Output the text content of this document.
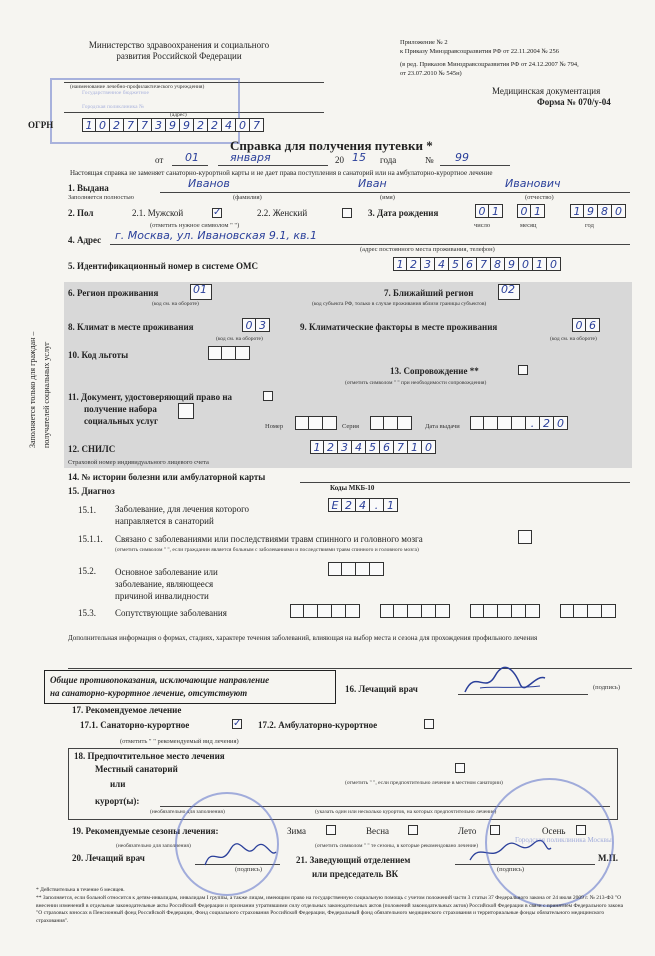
Министерство здравоохранения и социального
развития Российской Федерации
(наименование лечебно-профилактического учреждения)
(адрес)
Государственное бюджетное
Городская поликлиника №
ОГРН	1 0 2 7 7 3 9 9 2 2 4 0 7
Приложение № 2
к Приказу Минздравсоцразвития РФ от 22.11.2004 № 256
(в ред. Приказов Минздравсоцразвития РФ от 24.12.2007 № 794,
от 23.07.2010 № 545н)
Медицинская документация
Форма № 070/у-04
Справка для получения путевки *
от 01	января	20 15 года	№ 99
Настоящая справка не заменяет санаторно-курортной карты и не дает права поступления в санаторий или на амбулаторно-курортное лечение
1. Выдана
Заполняется полностью
Иванов	Иван	Иванович
(фамилия)	(имя)	(отчество)
2. Пол	2.1. Мужской	✓	2.2. Женский
(отметить нужное символом " ")
3. Дата рождения	0 1	0 1	1 9 8 0
число	месяц	год
4. Адрес г. Москва, ул. Ивановская 9.1, кв.1
(адрес постоянного места проживания, телефон)
5. Идентификационный номер в системе ОМС	1 2 3 4 5 6 7 8 9 0 1 0
6. Регион проживания	01
(код см. на обороте)
7. Ближайший регион	02
(код субъекта РФ, только в случае проживания вблизи границы субъектов)
8. Климат в месте проживания	0 3
(код см. на обороте)
9. Климатические факторы в месте проживания	0 6
(код см. на обороте)
10. Код льготы
13. Сопровождение **
(отметить символом " " при необходимости сопровождения)
11. Документ, удостоверяющий право на
получение набора
социальных услуг
Номер	Серия	Дата выдачи	. 2 0
12. СНИЛС	1 2 3 4 5 6 7 1 0
Страховой номер индивидуального лицевого счета
14. № истории болезни или амбулаторной карты
15. Диагноз	Коды МКБ-10
15.1. Заболевание, для лечения которого
направляется в санаторий
Е 2 4 . 1
15.1.1. Связано с заболеваниями или последствиями травм спинного и головного мозга
(отметить символом " ", если гражданин является больным с заболеваниями и последствиями травм спинного и головного мозга)
15.2. Основное заболевание или
заболевание, являющееся
причиной инвалидности
15.3. Сопутствующие заболевания
Дополнительная информация о формах, стадиях, характере течения заболеваний, влияющая на выбор места и сезона для прохождения профильного лечения
Общие противопоказания, исключающие направление
на санаторно-курортное лечение, отсутствуют	16. Лечащий врач	(подпись)
17. Рекомендуемое лечение
17.1. Санаторно-курортное	✓ 17.2. Амбулаторно-курортное
(отметить " " рекомендуемый вид лечения)
18. Предпочтительное место лечения
Местный санаторий
или	(отметить " ", если предпочтительно лечение в местном санатории)
курорт(ы):
(необязательно для заполнения)	(указать один или несколько курортов, на которых предпочтительно лечение)
19. Рекомендуемые сезоны лечения:	Зима	Весна	Лето	Осень
(необязательно для заполнения)	(отметить символом " " те сезоны, в которые рекомендовано лечение)
20. Лечащий врач
(подпись)
21. Заведующий отделением
или председатель ВК
М.П.
(подпись)
Городская поликлиника Москвы
* Действительна в течение 6 месяцев.
** Заполняется, если больной относится к детям-инвалидам, инвалидам I группы, а также лицам, имеющим право на государственную социальную помощь с учетом положений части 3 статьи 37 Федерального закона от 24 июля 2009 г. № 213-ФЗ "О внесении изменений в отдельные законодательные акты Российской Федерации и признании утратившими силу отдельных законодательных актов (положений законодательных актов) Российской Федерации в связи с принятием Федерального закона "О страховых взносах в Пенсионный фонд Российской Федерации, Фонд социального страхования Российской Федерации, Федеральный фонд обязательного медицинского страхования и территориальные фонды обязательного медицинского страхования".
Заполняется только для граждан – получателей социальных услуг
